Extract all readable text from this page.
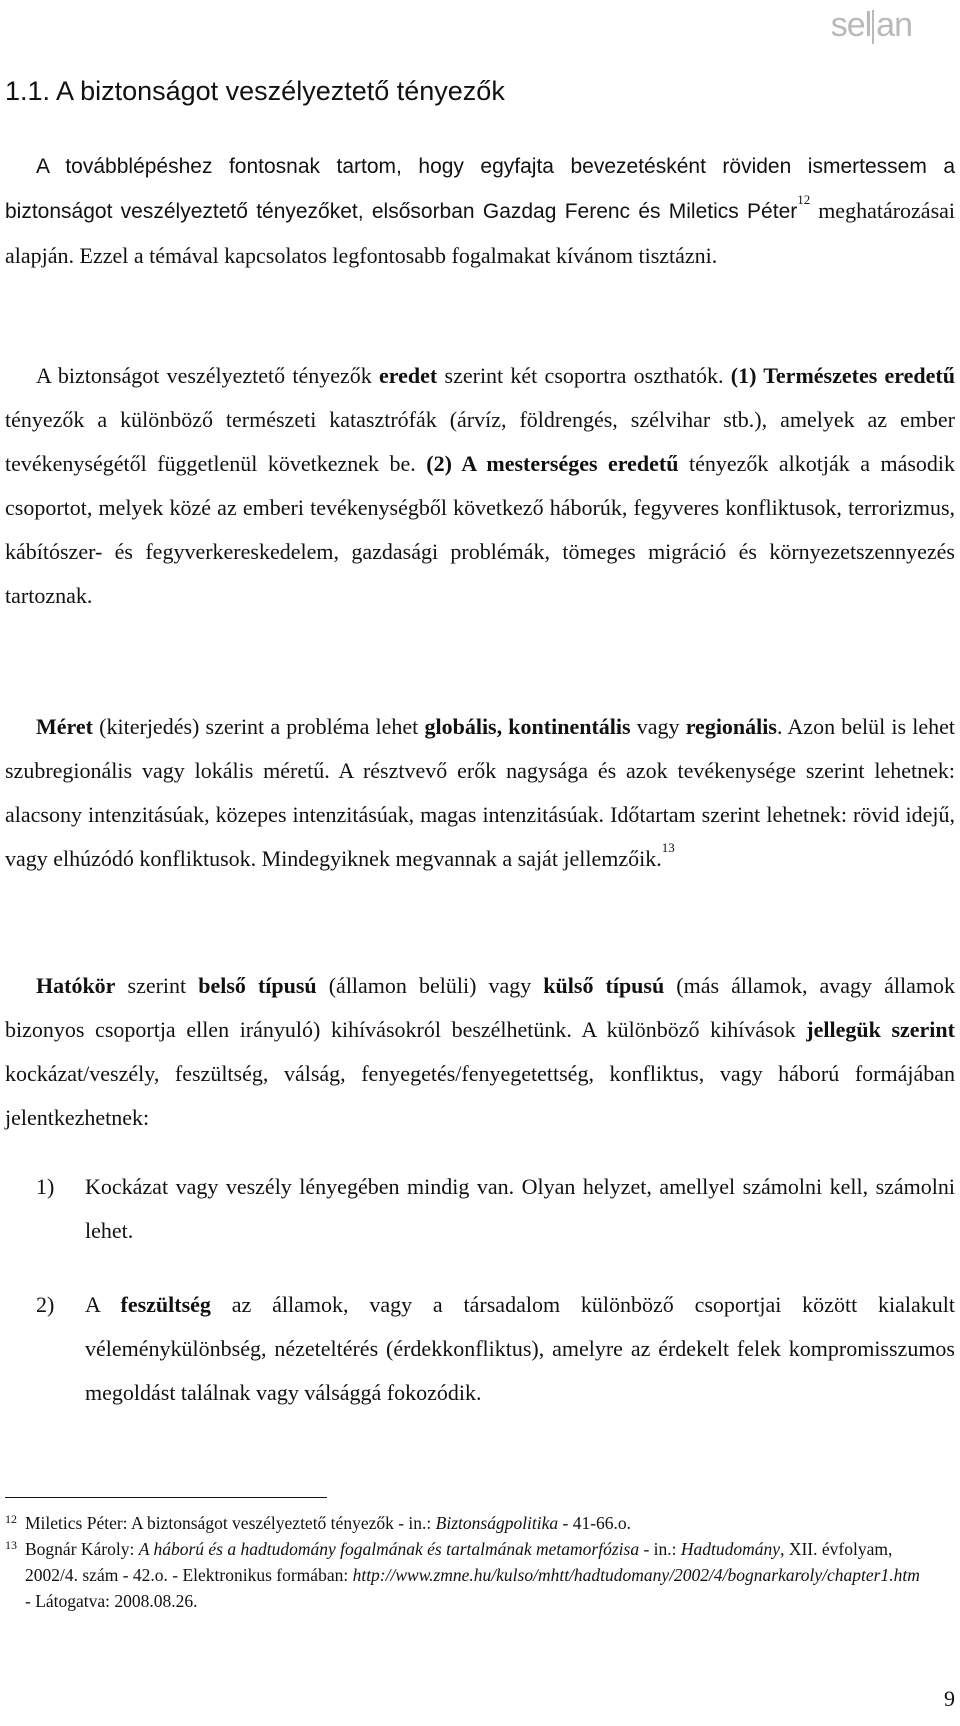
sel an
1.1. A biztonságot veszélyeztető tényezők

A továbblépéshez fontosnak tartom, hogy egyfajta bevezetésként röviden ismertessem a biztonságot veszélyeztető tényezőket, elsősorban Gazdag Ferenc és Miletics Péter$^{12}$ meghatározásai alapján. Ezzel a témával kapcsolatos legfontosabb fogalmakat kívánom tisztázni.

A biztonságot veszélyeztető tényezők eredet szerint két csoportra oszthatók. (1) Természetes eredetű tényezők a különböző természeti katasztrófák (árvíz, földrengés, szélvihar stb.), amelyek az ember tevékenységétől függetlenül következnek be. (2) A mesterséges eredetű tényezők alkotják a második csoportot, melyek közé az emberi tevékenységből következő háborúk, fegyveres konfliktusok, terrorizmus, kábítószer- és fegyverkereskedelem, gazdasági problémák, tömeges migráció és környezetszennyezés tartoznak.

Méret (kiterjedés) szerint a probléma lehet globális, kontinentális vagy regionális. Azon belül is lehet szubregionális vagy lokális méretű. A résztvevő erők nagysága és azok tevékenysége szerint lehetnek: alacsony intenzitásúak, közepes intenzitásúak, magas intenzitásúak. Időtartam szerint lehetnek: rövid idejű, vagy elhúzódó konfliktusok. Mindegyiknek megvannak a saját jellemzőik.$^{13}$

Hatókör szerint belső típusú (államon belüli) vagy külső típusú (más államok, avagy államok bizonyos csoportja ellen irányuló) kihívásokról beszélhetünk. A különböző kihívások jellegük szerint kockázat/veszély, feszültség, válság, fenyegetés/fenyegetettség, konfliktus, vagy háború formájában jelentkezhetnek:

1) Kockázat vagy veszély lényegében mindig van. Olyan helyzet, amellyel számolni kell, számolni lehet.
2) A feszültség az államok, vagy a társadalom különböző csoportjai között kialakult véleménykülönbség, nézeteltérés (érdekkonfliktus), amelyre az érdekelt felek kompromisszumos megoldást találnak vagy válsággá fokozódik.
12 Miletics Péter: A biztonságot veszélyeztető tényezők - in.: Biztonságpolitika - 41-66.o.
13 Bognár Károly: A háború és a hadtudomány fogalmának és tartalmának metamorfózisa - in.: Hadtudomány, XII. évfolyam, 2002/4. szám - 42.o. - Elektronikus formában: http://www.zmne.hu/kulso/mhtt/hadtudomany/2002/4/bognarkaroly/chapter1.htm - Látogatva: 2008.08.26.
9
